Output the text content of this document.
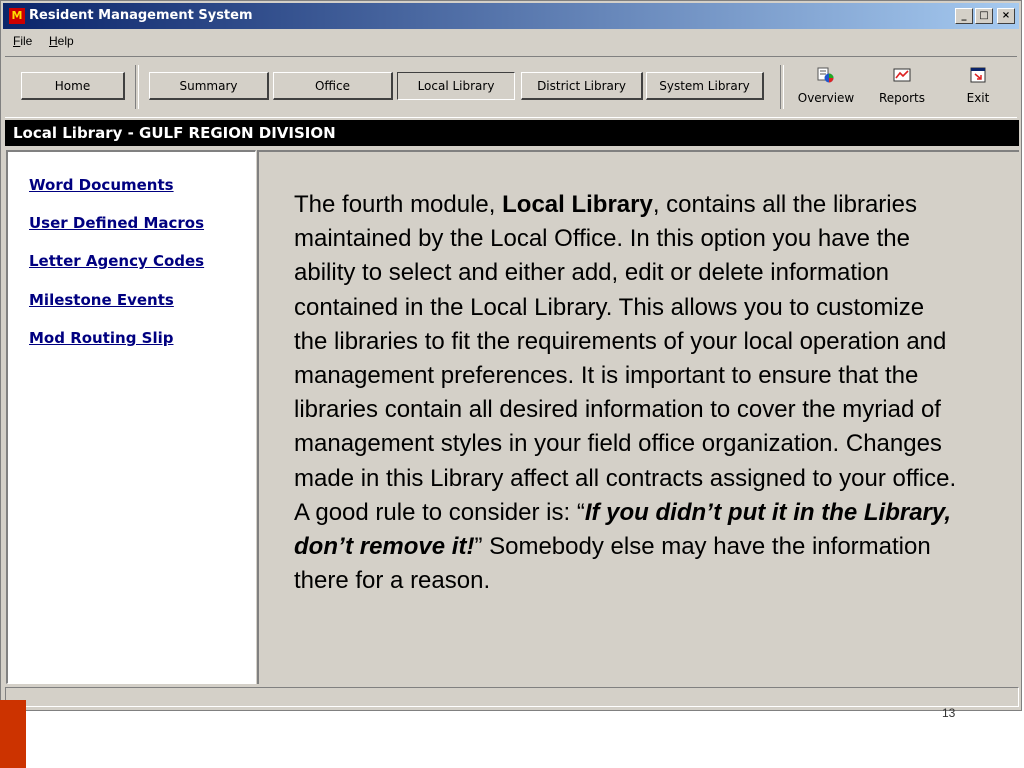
M Resident Management System	_	□	×
File Help
Home	Summary	Office	Local Library	District Library	System Library
Overview	Reports	Exit
Local Library - GULF REGION DIVISION
Word Documents
User Defined Macros
Letter Agency Codes
Milestone Events
Mod Routing Slip
The fourth module, Local Library, contains all the libraries maintained by the Local Office. In this option you have the ability to select and either add, edit or delete information contained in the Local Library. This allows you to customize the libraries to fit the requirements of your local operation and management preferences. It is important to ensure that the libraries contain all desired information to cover the myriad of management styles in your field office organization. Changes made in this Library affect all contracts assigned to your office. A good rule to consider is: “If you didn’t put it in the Library, don’t remove it!” Somebody else may have the information there for a reason.
13
